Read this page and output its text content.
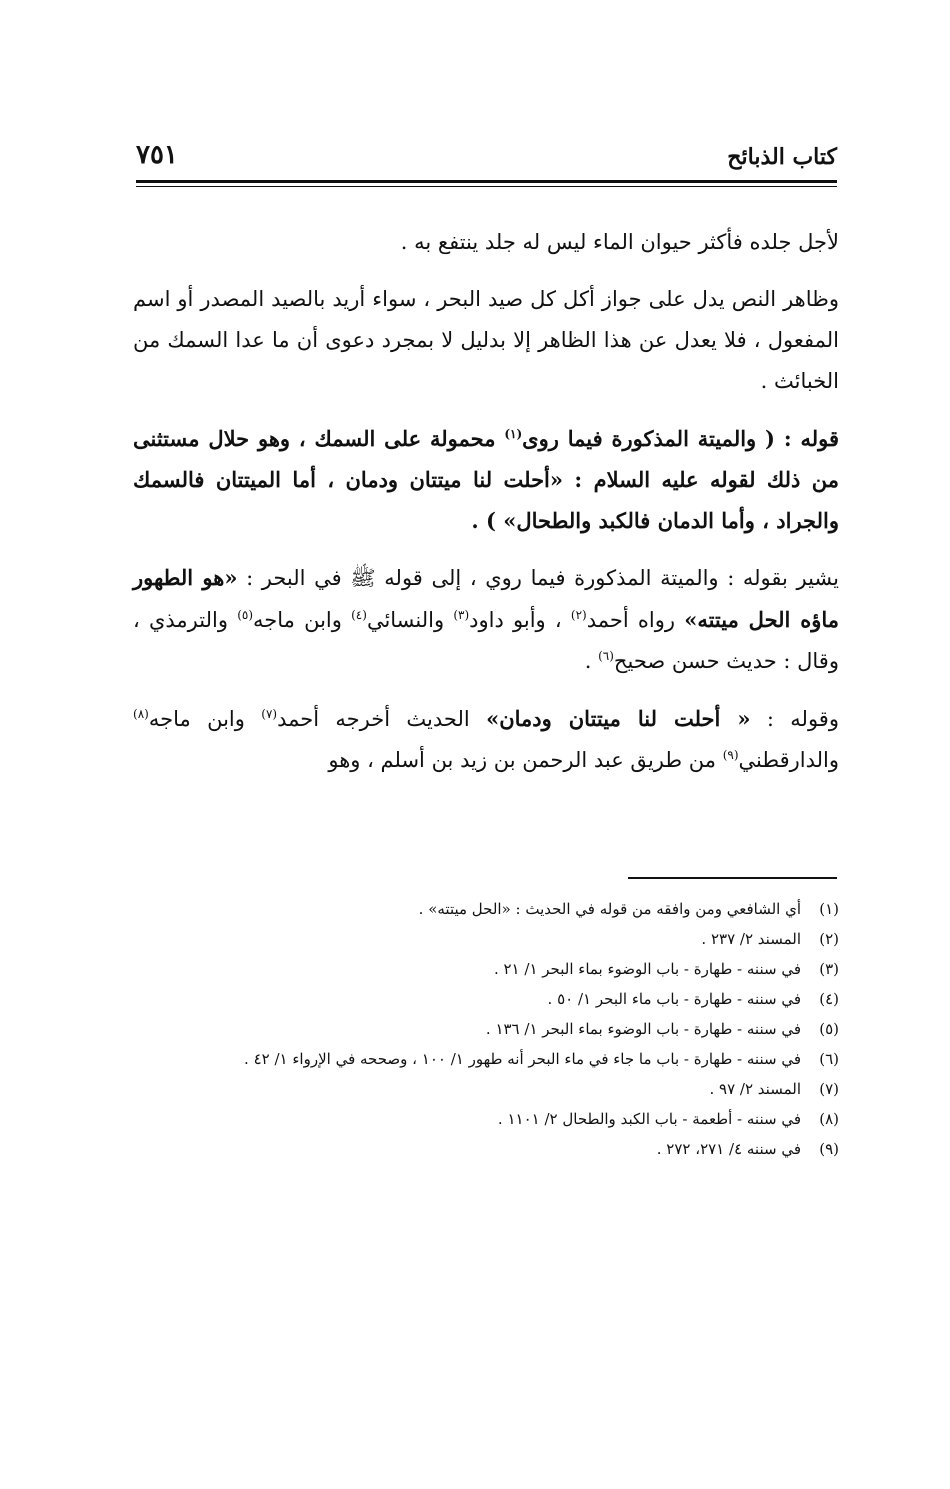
كتاب الذبائح
٧٥١

لأجل جلده فأكثر حيوان الماء ليس له جلد ينتفع به .

وظاهر النص يدل على جواز أكل كل صيد البحر ، سواء أريد بالصيد المصدر أو اسم المفعول ، فلا يعدل عن هذا الظاهر إلا بدليل لا بمجرد دعوى أن ما عدا السمك من الخبائث .

قوله : ( والميتة المذكورة فيما روى$^{(١)}$ محمولة على السمك ، وهو حلال مستثنى من ذلك لقوله عليه السلام : «أحلت لنا ميتتان ودمان ، أما الميتتان فالسمك والجراد ، وأما الدمان فالكبد والطحال» ) .

يشير بقوله : والميتة المذكورة فيما روي ، إلى قوله ﷺ في البحر : «هو الطهور ماؤه الحل ميتته» رواه أحمد$^{(٢)}$ ، وأبو داود$^{(٣)}$ والنسائي$^{(٤)}$ وابن ماجه$^{(٥)}$ والترمذي ، وقال : حديث حسن صحيح$^{(٦)}$ .

وقوله : « أحلت لنا ميتتان ودمان» الحديث أخرجه أحمد$^{(٧)}$ وابن ماجه$^{(٨)}$ والدارقطني$^{(٩)}$ من طريق عبد الرحمن بن زيد بن أسلم ، وهو

(١)
أي الشافعي ومن وافقه من قوله في الحديث : «الحل ميتته» .
(٢)
المسند ٢/ ٢٣٧ .
(٣)
في سننه - طهارة - باب الوضوء بماء البحر ١/ ٢١ .
(٤)
في سننه - طهارة - باب ماء البحر ١/ ٥٠ .
(٥)
في سننه - طهارة - باب الوضوء بماء البحر ١/ ١٣٦ .
(٦)
في سننه - طهارة - باب ما جاء في ماء البحر أنه طهور ١/ ١٠٠ ، وصححه في الإرواء ١/ ٤٢ .
(٧)
المسند ٢/ ٩٧ .
(٨)
في سننه - أطعمة - باب الكبد والطحال ٢/ ١١٠١ .
(٩)
في سننه ٤/ ٢٧١، ٢٧٢ .
